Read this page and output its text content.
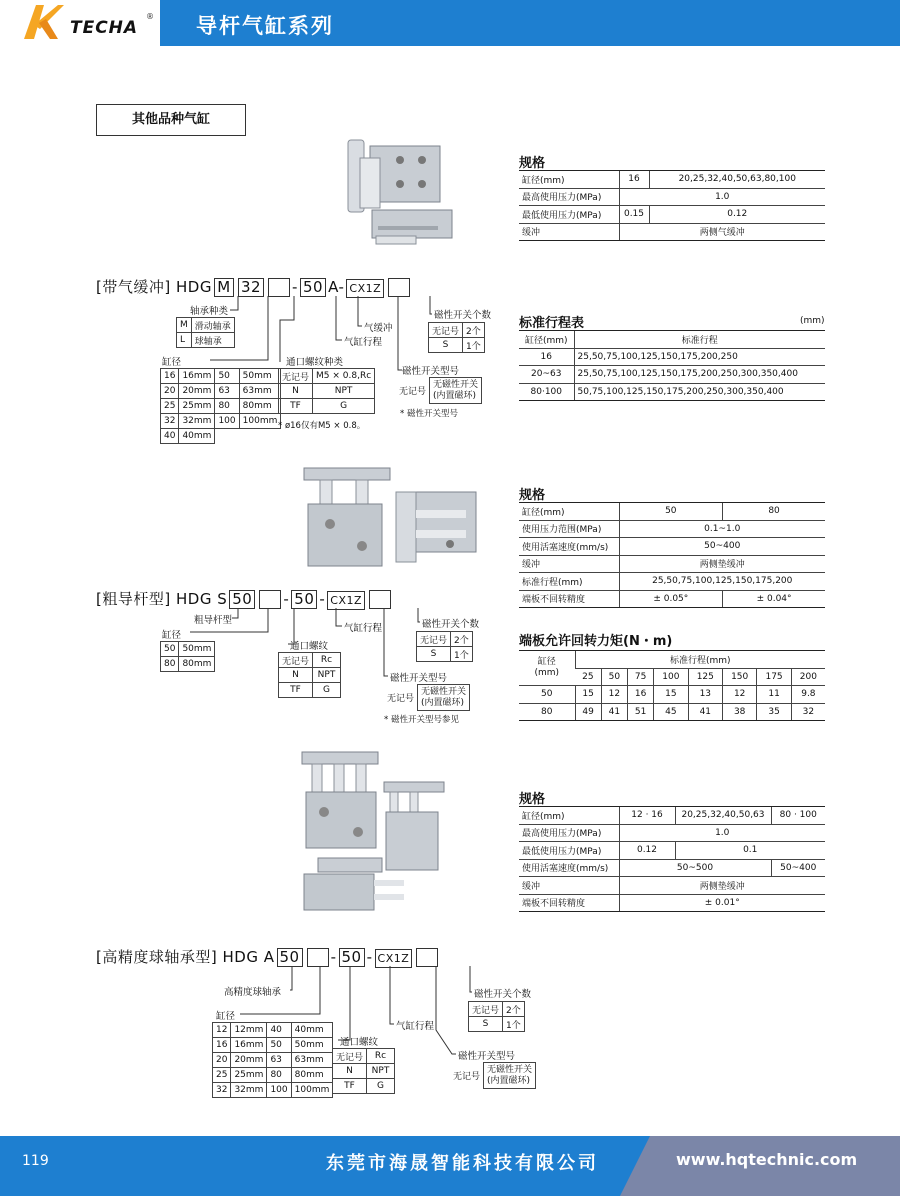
TECHA
® 导杆气缸系列
其他品种气缸
规格
缸径(mm)	16	20,25,32,40,50,63,80,100
最高使用压力(MPa)	1.0	
最低使用压力(MPa)	0.15	0.12
缓冲	两侧气缓冲	
标准行程表	(mm)
缸径(mm)	标准行程
16	25,50,75,100,125,150,175,200,250
20~63	25,50,75,100,125,150,175,200,250,300,350,400
80·100	50,75,100,125,150,175,200,250,300,350,400
[带气缓冲] HDG M 32 - 50 A- CX1Z
轴承种类
M	滑动轴承
L	球轴承
缸径
16	16mm	50	50mm
20	20mm	63	63mm
25	25mm	80	80mm
32	32mm	100	100mm
40	40mm		
通口螺纹种类
无记号	M5 × 0.8,Rc
N	NPT
TF	G
* ø16仅有M5 × 0.8。
气缸行程
气缓冲
磁性开关个数
无记号	2个
S	1个
磁性开关型号
无记号	无磁性开关
(内置磁环)
* 磁性开关型号
规格
缸径(mm)	50	80
使用压力范围(MPa)	0.1~1.0	
使用活塞速度(mm/s)	50~400	
缓冲	两侧垫缓冲	
标准行程(mm)	25,50,75,100,125,150,175,200	
端板不回转精度	± 0.05°	± 0.04°
端板允许回转力矩(N・m)
缸径
(mm)	标准行程(mm)							
	25	50	75	100	125	150	175	200
50	15	12	16	15	13	12	11	9.8
80	49	41	51	45	41	38	35	32
[粗导杆型] HDG S 50 - 50 - CX1Z
粗导杆型
缸径
50	50mm
80	80mm
通口螺纹
无记号	Rc
N	NPT
TF	G
气缸行程	磁性开关个数
无记号	2个
S	1个
磁性开关型号
无记号	无磁性开关
(内置磁环)
* 磁性开关型号参见
规格
缸径(mm)	12 · 16	20,25,32,40,50,63	80 · 100
最高使用压力(MPa)	1.0		
最低使用压力(MPa)	0.12	0.1	
使用活塞速度(mm/s)	50~500		50~400
缓冲	两侧垫缓冲		
端板不回转精度	± 0.01°		
[高精度球轴承型] HDG A 50 - 50 - CX1Z
高精度球轴承
缸径
12	12mm	40	40mm
16	16mm	50	50mm
20	20mm	63	63mm
25	25mm	80	80mm
32	32mm	100	100mm
通口螺纹
无记号	Rc
N	NPT
TF	G
气缸行程
磁性开关个数
无记号	2个
S	1个
磁性开关型号
无记号	无磁性开关
(内置磁环)
119	东莞市海晟智能科技有限公司	www.hqtechnic.com
